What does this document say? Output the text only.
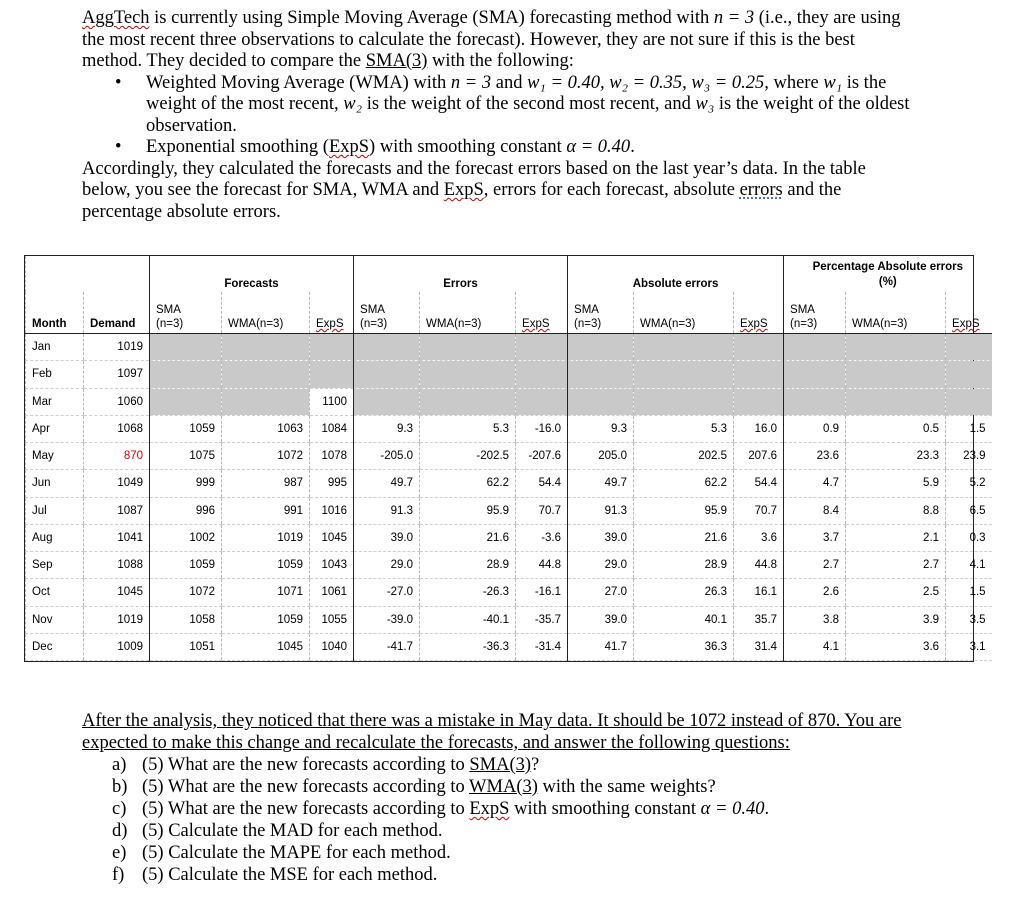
AggTech is currently using Simple Moving Average (SMA) forecasting method with n = 3 (i.e., they are using the most recent three observations to calculate the forecast). However, they are not sure if this is the best method. They decided to compare the SMA(3) with the following:

• Weighted Moving Average (WMA) with n = 3 and w₁ = 0.40, w₂ = 0.35, w₃ = 0.25, where w₁ is the weight of the most recent, w₂ is the weight of the second most recent, and w₃ is the weight of the oldest observation.

• Exponential smoothing (ExpS) with smoothing constant α = 0.40.

Accordingly, they calculated the forecasts and the forecast errors based on the last year’s data. In the table below, you see the forecast for SMA, WMA and ExpS, errors for each forecast, absolute errors and the percentage absolute errors.

		Forecasts			Errors			Absolute errors			Percentage Absolute errors
(%)		
Month	Demand	SMA
(n=3)	WMA(n=3)	ExpS	SMA
(n=3)	WMA(n=3)	ExpS	SMA
(n=3)	WMA(n=3)	ExpS	SMA
(n=3)	WMA(n=3)	ExpS
Jan	1019												
Feb	1097												
Mar	1060			1100									
Apr	1068	1059	1063	1084	9.3	5.3	-16.0	9.3	5.3	16.0	0.9	0.5	1.5
May	870	1075	1072	1078	-205.0	-202.5	-207.6	205.0	202.5	207.6	23.6	23.3	23.9
Jun	1049	999	987	995	49.7	62.2	54.4	49.7	62.2	54.4	4.7	5.9	5.2
Jul	1087	996	991	1016	91.3	95.9	70.7	91.3	95.9	70.7	8.4	8.8	6.5
Aug	1041	1002	1019	1045	39.0	21.6	-3.6	39.0	21.6	3.6	3.7	2.1	0.3
Sep	1088	1059	1059	1043	29.0	28.9	44.8	29.0	28.9	44.8	2.7	2.7	4.1
Oct	1045	1072	1071	1061	-27.0	-26.3	-16.1	27.0	26.3	16.1	2.6	2.5	1.5
Nov	1019	1058	1059	1055	-39.0	-40.1	-35.7	39.0	40.1	35.7	3.8	3.9	3.5
Dec	1009	1051	1045	1040	-41.7	-36.3	-31.4	41.7	36.3	31.4	4.1	3.6	3.1

After the analysis, they noticed that there was a mistake in May data. It should be 1072 instead of 870. You are expected to make this change and recalculate the forecasts, and answer the following questions:

a) (5) What are the new forecasts according to SMA(3)?

b) (5) What are the new forecasts according to WMA(3) with the same weights?

c) (5) What are the new forecasts according to ExpS with smoothing constant α = 0.40.

d) (5) Calculate the MAD for each method.

e) (5) Calculate the MAPE for each method.

f) (5) Calculate the MSE for each method.
